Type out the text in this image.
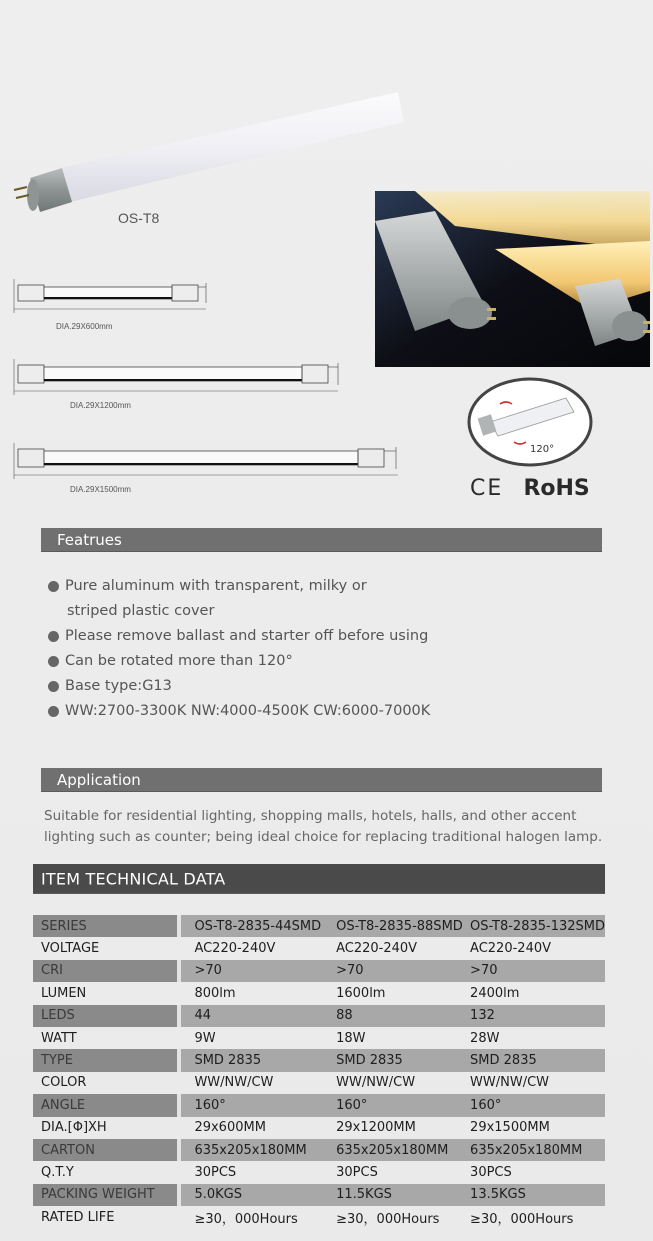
OS-T8
DIA.29X600mm
DIA.29X1200mm
DIA.29X1500mm
120°
CE RoHS
Featrues
Pure aluminum with transparent, milky or
striped plastic cover
Please remove ballast and starter off before using
Can be rotated more than 120°
Base type:G13
WW:2700-3300K NW:4000-4500K CW:6000-7000K
Application
Suitable for residential lighting, shopping malls, hotels, halls, and other accent
lighting such as counter; being ideal choice for replacing traditional halogen lamp.
ITEM TECHNICAL DATA
SERIES	OS-T8-2835-44SMD	OS-T8-2835-88SMD	OS-T8-2835-132SMD
VOLTAGE	AC220-240V	AC220-240V	AC220-240V
CRI	>70	>70	>70
LUMEN	800lm	1600lm	2400lm
LEDS	44	88	132
WATT	9W	18W	28W
TYPE	SMD 2835	SMD 2835	SMD 2835
COLOR	WW/NW/CW	WW/NW/CW	WW/NW/CW
ANGLE	160°	160°	160°
DIA.[Φ]XH	29x600MM	29x1200MM	29x1500MM
CARTON	635x205x180MM	635x205x180MM	635x205x180MM
Q.T.Y	30PCS	30PCS	30PCS
PACKING WEIGHT	5.0KGS	11.5KGS	13.5KGS
RATED LIFE	≥30，000Hours	≥30，000Hours	≥30，000Hours
